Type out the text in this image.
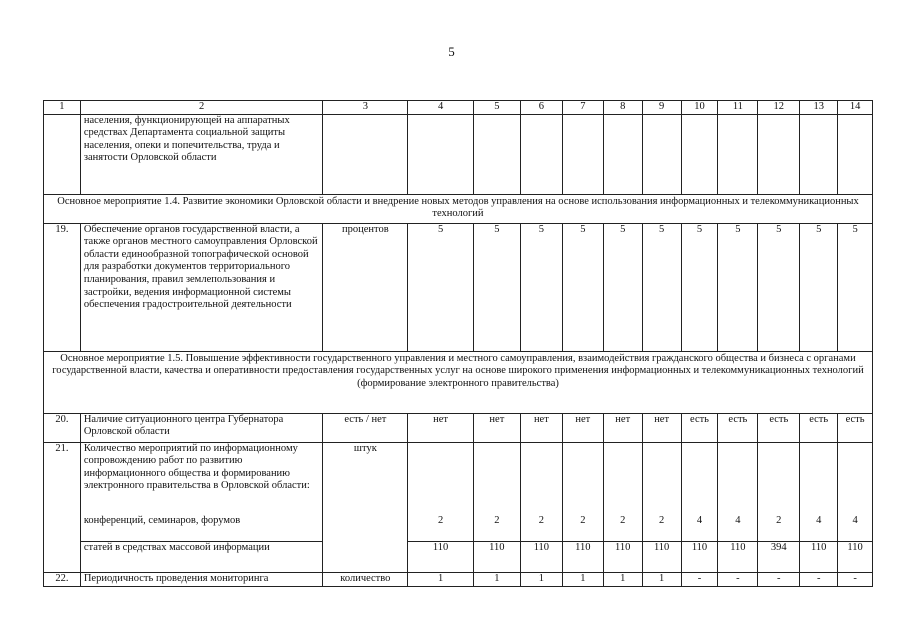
5
1	2	3	4	5	6	7	8	9	10	11	12	13	14
	населения, функционирующей на аппаратных средствах Департамента социальной защиты населения, опеки и попечительства, труда и занятости Орловской области												
Основное мероприятие 1.4. Развитие экономики Орловской области и внедрение новых методов управления на основе использования информационных и телекоммуникационных технологий													
19.	Обеспечение органов государственной власти, а также органов местного самоуправления Орловской области единообразной топографической основой для разработки документов территориального планирования, правил землепользования и застройки, ведения информационной системы обеспечения градостроительной деятельности	процентов	5	5	5	5	5	5	5	5	5	5	5
Основное мероприятие 1.5. Повышение эффективности государственного управления и местного самоуправления, взаимодействия гражданского общества и бизнеса с органами государственной власти, качества и оперативности предоставления государственных услуг на основе широкого применения информационных и телекоммуникационных технологий (формирование электронного правительства)													
20.	Наличие ситуационного центра Губернатора Орловской области	есть / нет	нет	нет	нет	нет	нет	нет	есть	есть	есть	есть	есть
21.	Количество мероприятий по информационному сопровождению работ по развитию информационного общества и формированию электронного правительства в Орловской области:	штук											
	конференций, семинаров, форумов		2	2	2	2	2	2	4	4	2	4	4
	статей в средствах массовой информации		110	110	110	110	110	110	110	110	394	110	110
22.	Периодичность проведения мониторинга	количество	1	1	1	1	1	1	-	-	-	-	-
